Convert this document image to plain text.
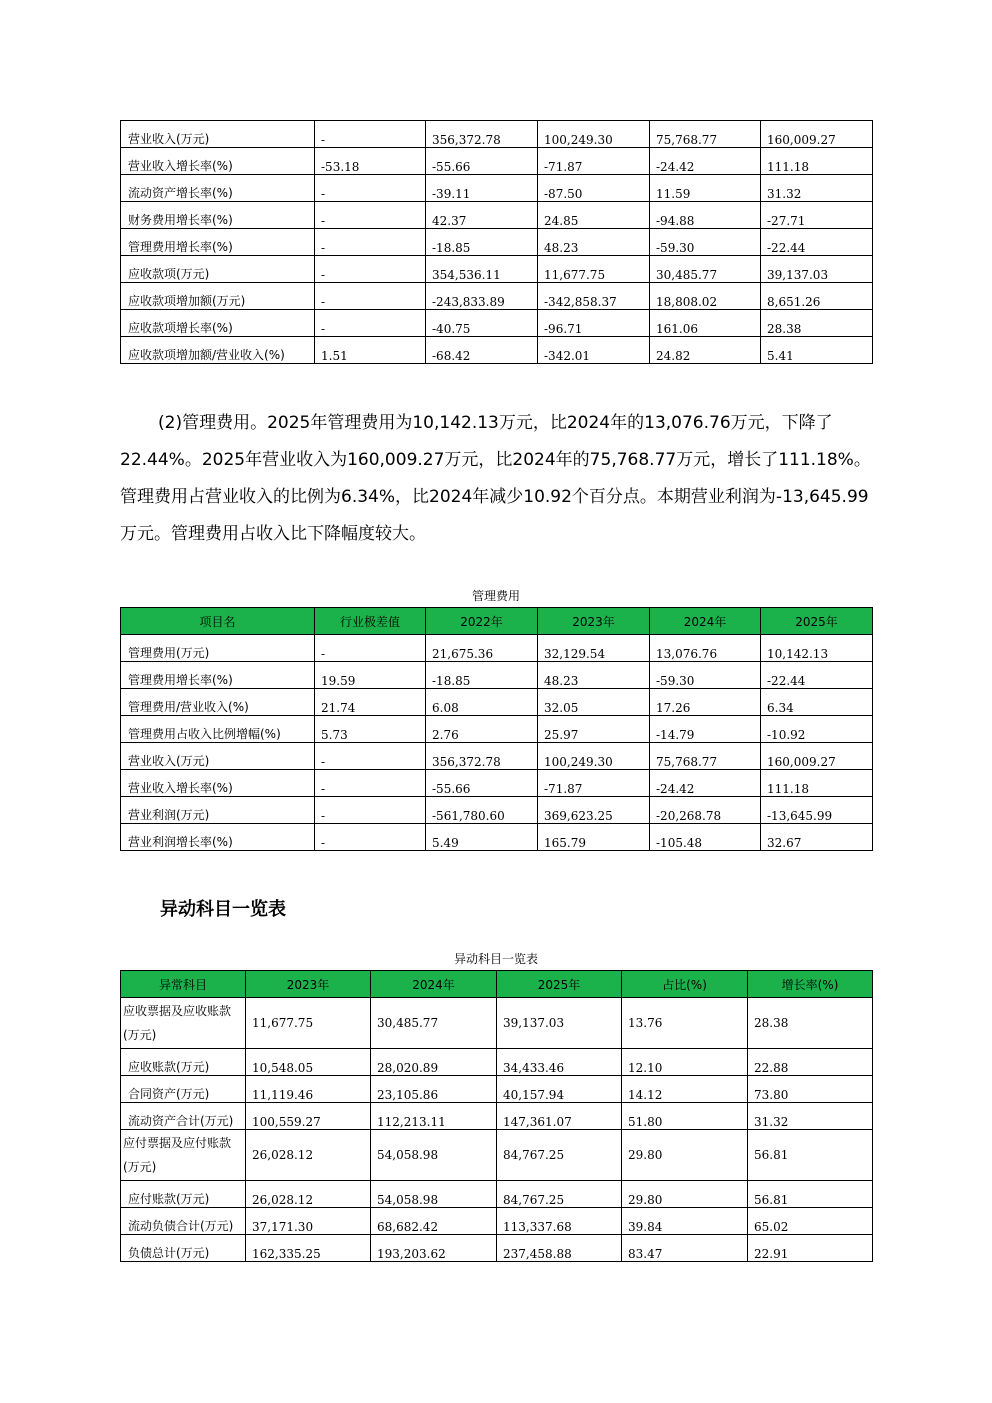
营业收入(万元)	-	356,372.78	100,249.30	75,768.77	160,009.27
营业收入增长率(%)	-53.18	-55.66	-71.87	-24.42	111.18
流动资产增长率(%)	-	-39.11	-87.50	11.59	31.32
财务费用增长率(%)	-	42.37	24.85	-94.88	-27.71
管理费用增长率(%)	-	-18.85	48.23	-59.30	-22.44
应收款项(万元)	-	354,536.11	11,677.75	30,485.77	39,137.03
应收款项增加额(万元)	-	-243,833.89	-342,858.37	18,808.02	8,651.26
应收款项增长率(%)	-	-40.75	-96.71	161.06	28.38
应收款项增加额/营业收入(%)	1.51	-68.42	-342.01	24.82	5.41

(2)管理费用。2025年管理费用为10,142.13万元，比2024年的13,076.76万元，下降了22.44%。2025年营业收入为160,009.27万元，比2024年的75,768.77万元，增长了111.18%。管理费用占营业收入的比例为6.34%，比2024年减少10.92个百分点。本期营业利润为-13,645.99万元。管理费用占收入比下降幅度较大。

管理费用
项目名	行业极差值	2022年	2023年	2024年	2025年
管理费用(万元)	-	21,675.36	32,129.54	13,076.76	10,142.13
管理费用增长率(%)	19.59	-18.85	48.23	-59.30	-22.44
管理费用/营业收入(%)	21.74	6.08	32.05	17.26	6.34
管理费用占收入比例增幅(%)	5.73	2.76	25.97	-14.79	-10.92
营业收入(万元)	-	356,372.78	100,249.30	75,768.77	160,009.27
营业收入增长率(%)	-	-55.66	-71.87	-24.42	111.18
营业利润(万元)	-	-561,780.60	369,623.25	-20,268.78	-13,645.99
营业利润增长率(%)	-	5.49	165.79	-105.48	32.67
异动科目一览表
异动科目一览表
异常科目	2023年	2024年	2025年	占比(%)	增长率(%)
应收票据及应收账款(万元)	11,677.75	30,485.77	39,137.03	13.76	28.38
应收账款(万元)	10,548.05	28,020.89	34,433.46	12.10	22.88
合同资产(万元)	11,119.46	23,105.86	40,157.94	14.12	73.80
流动资产合计(万元)	100,559.27	112,213.11	147,361.07	51.80	31.32
应付票据及应付账款(万元)	26,028.12	54,058.98	84,767.25	29.80	56.81
应付账款(万元)	26,028.12	54,058.98	84,767.25	29.80	56.81
流动负债合计(万元)	37,171.30	68,682.42	113,337.68	39.84	65.02
负债总计(万元)	162,335.25	193,203.62	237,458.88	83.47	22.91
